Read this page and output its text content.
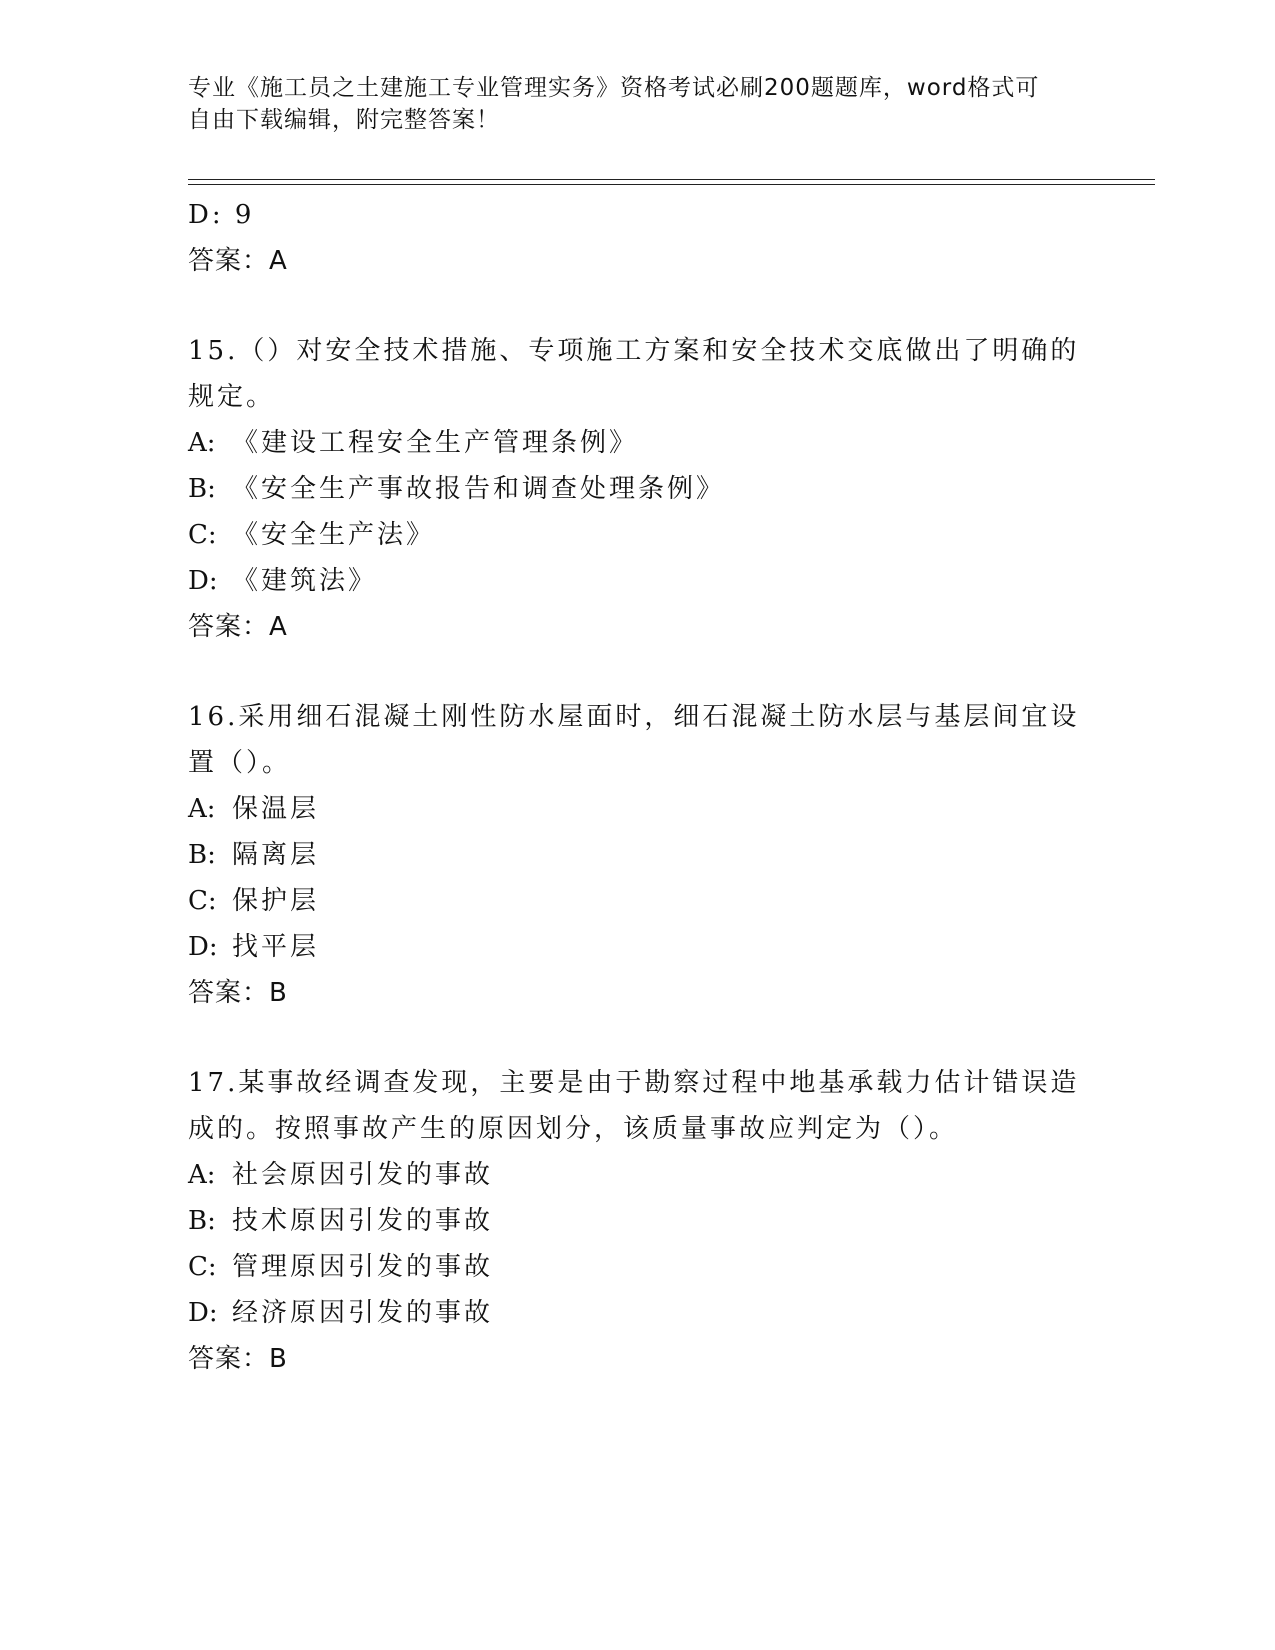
专业《施工员之土建施工专业管理实务》资格考试必刷200题题库，word格式可
自由下载编辑，附完整答案！
D: 9
答案：A
15.（）对安全技术措施、专项施工方案和安全技术交底做出了明确的
规定。
A: 《建设工程安全生产管理条例》
B: 《安全生产事故报告和调查处理条例》
C: 《安全生产法》
D: 《建筑法》
答案：A
16.采用细石混凝土刚性防水屋面时，细石混凝土防水层与基层间宜设
置（）。
A: 保温层
B: 隔离层
C: 保护层
D: 找平层
答案：B
17.某事故经调查发现，主要是由于勘察过程中地基承载力估计错误造
成的。按照事故产生的原因划分，该质量事故应判定为（）。
A: 社会原因引发的事故
B: 技术原因引发的事故
C: 管理原因引发的事故
D: 经济原因引发的事故
答案：B
